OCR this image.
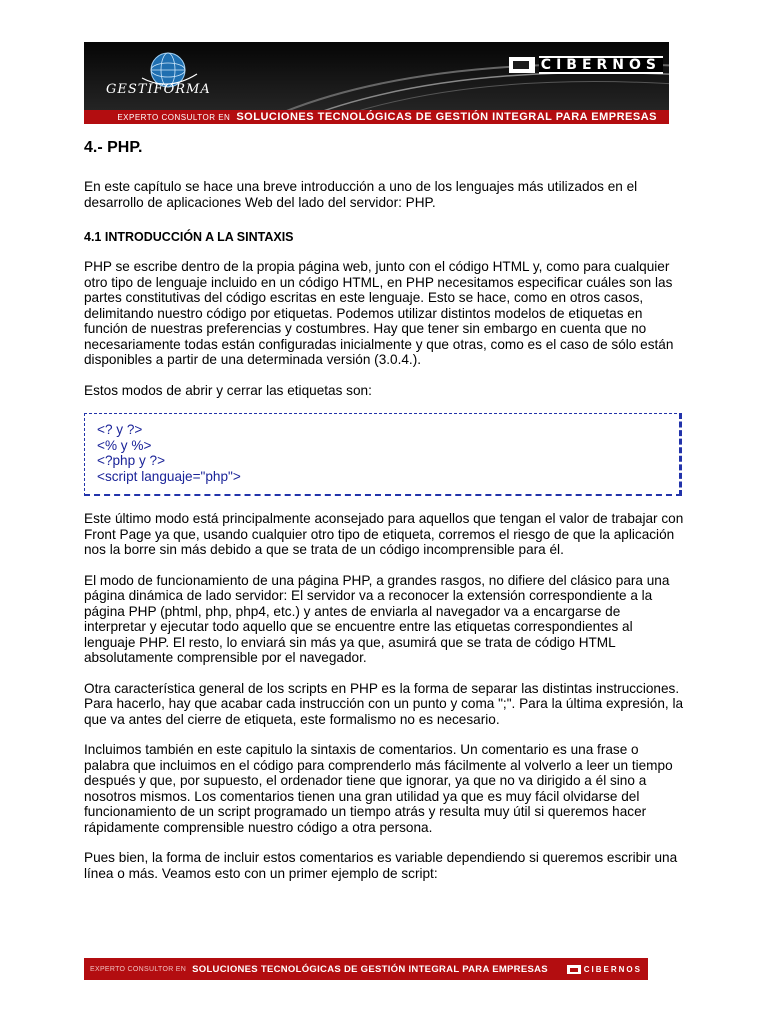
GESTIFORMA
CIBERNOS
EXPERTO CONSULTOR EN SOLUCIONES TECNOLÓGICAS DE GESTIÓN INTEGRAL PARA EMPRESAS
4.- PHP.

En este capítulo se hace una breve introducción a uno de los lenguajes más utilizados en el desarrollo de aplicaciones Web del lado del servidor: PHP.

4.1 INTRODUCCIÓN A LA SINTAXIS

PHP se escribe dentro de la propia página web, junto con el código HTML y, como para cualquier otro tipo de lenguaje incluido en un código HTML, en PHP necesitamos especificar cuáles son las partes constitutivas del código escritas en este lenguaje. Esto se hace, como en otros casos, delimitando nuestro código por etiquetas. Podemos utilizar distintos modelos de etiquetas en función de nuestras preferencias y costumbres. Hay que tener sin embargo en cuenta que no necesariamente todas están configuradas inicialmente y que otras, como es el caso de sólo están disponibles a partir de una determinada versión (3.0.4.).

Estos modos de abrir y cerrar las etiquetas son:

<? y ?>
<% y %>
<?php y ?>
<script languaje="php">

Este último modo está principalmente aconsejado para aquellos que tengan el valor de trabajar con Front Page ya que, usando cualquier otro tipo de etiqueta, corremos el riesgo de que la aplicación nos la borre sin más debido a que se trata de un código incomprensible para él.

El modo de funcionamiento de una página PHP, a grandes rasgos, no difiere del clásico para una página dinámica de lado servidor: El servidor va a reconocer la extensión correspondiente a la página PHP (phtml, php, php4, etc.) y antes de enviarla al navegador va a encargarse de interpretar y ejecutar todo aquello que se encuentre entre las etiquetas correspondientes al lenguaje PHP. El resto, lo enviará sin más ya que, asumirá que se trata de código HTML absolutamente comprensible por el navegador.

Otra característica general de los scripts en PHP es la forma de separar las distintas instrucciones. Para hacerlo, hay que acabar cada instrucción con un punto y coma ";". Para la última expresión, la que va antes del cierre de etiqueta, este formalismo no es necesario.

Incluimos también en este capitulo la sintaxis de comentarios. Un comentario es una frase o palabra que incluimos en el código para comprenderlo más fácilmente al volverlo a leer un tiempo después y que, por supuesto, el ordenador tiene que ignorar, ya que no va dirigido a él sino a nosotros mismos. Los comentarios tienen una gran utilidad ya que es muy fácil olvidarse del funcionamiento de un script programado un tiempo atrás y resulta muy útil si queremos hacer rápidamente comprensible nuestro código a otra persona.

Pues bien, la forma de incluir estos comentarios es variable dependiendo si queremos escribir una línea o más. Veamos esto con un primer ejemplo de script:

EXPERTO CONSULTOR EN SOLUCIONES TECNOLÓGICAS DE GESTIÓN INTEGRAL PARA EMPRESAS	CIBERNOS
